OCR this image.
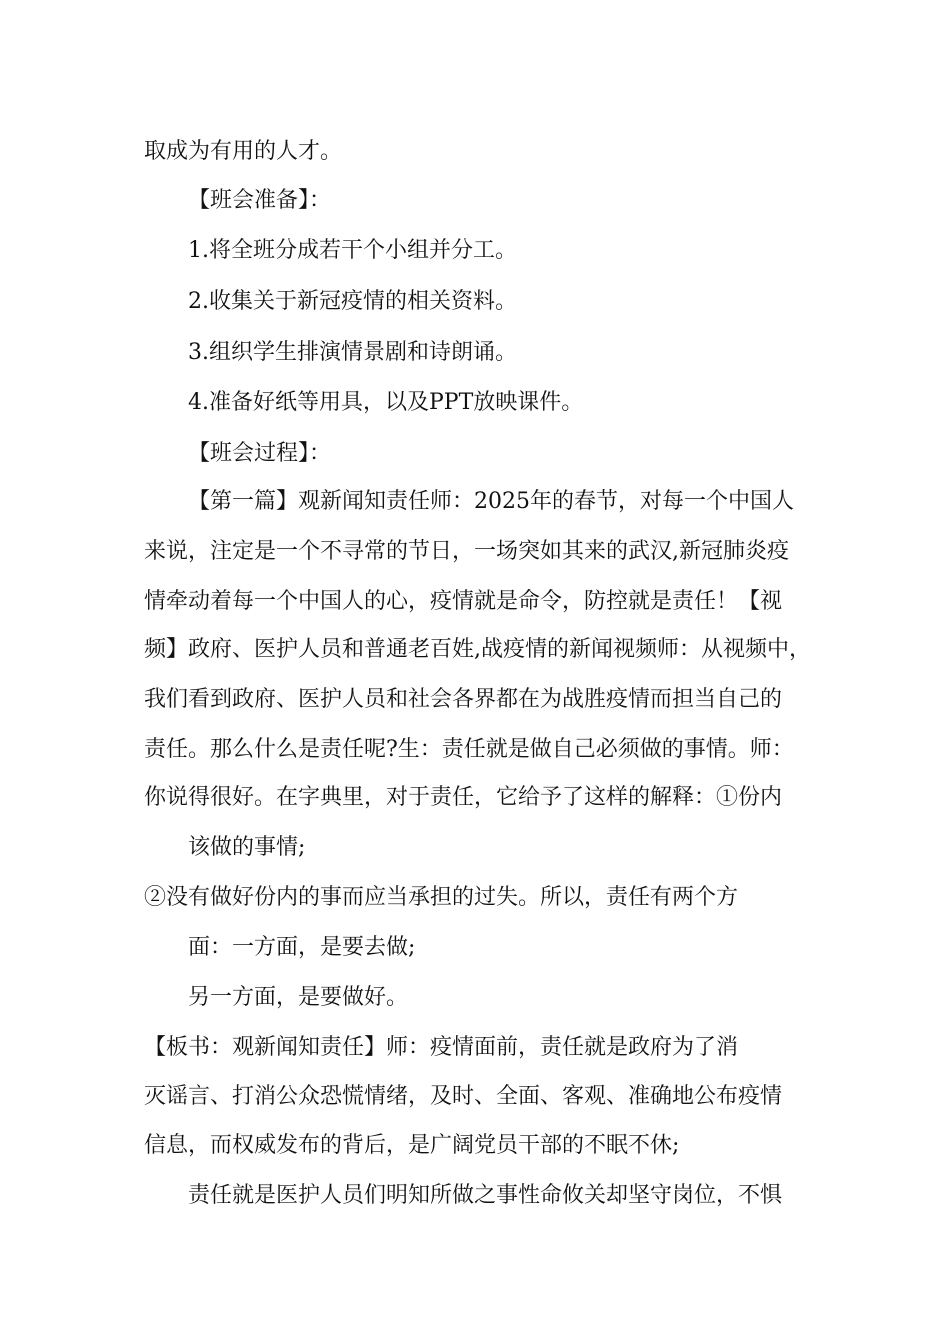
取成为有用的人才。
【班会准备】：
1.将全班分成若干个小组并分工。
2.收集关于新冠疫情的相关资料。
3.组织学生排演情景剧和诗朗诵。
4.准备好纸等用具，以及PPT放映课件。
【班会过程】：
【第一篇】观新闻知责任师：2025年的春节，对每一个中国人
来说，注定是一个不寻常的节日，一场突如其来的武汉,新冠肺炎疫
情牵动着每一个中国人的心，疫情就是命令，防控就是责任！【视
频】政府、医护人员和普通老百姓,战疫情的新闻视频师：从视频中，
我们看到政府、医护人员和社会各界都在为战胜疫情而担当自己的
责任。那么什么是责任呢?生：责任就是做自己必须做的事情。师：
你说得很好。在字典里，对于责任，它给予了这样的解释：①份内
该做的事情;
②没有做好份内的事而应当承担的过失。所以，责任有两个方
面：一方面，是要去做;
另一方面，是要做好。
【板书：观新闻知责任】师：疫情面前，责任就是政府为了消
灭谣言、打消公众恐慌情绪，及时、全面、客观、准确地公布疫情
信息，而权威发布的背后，是广阔党员干部的不眠不休;
责任就是医护人员们明知所做之事性命攸关却坚守岗位，不惧
